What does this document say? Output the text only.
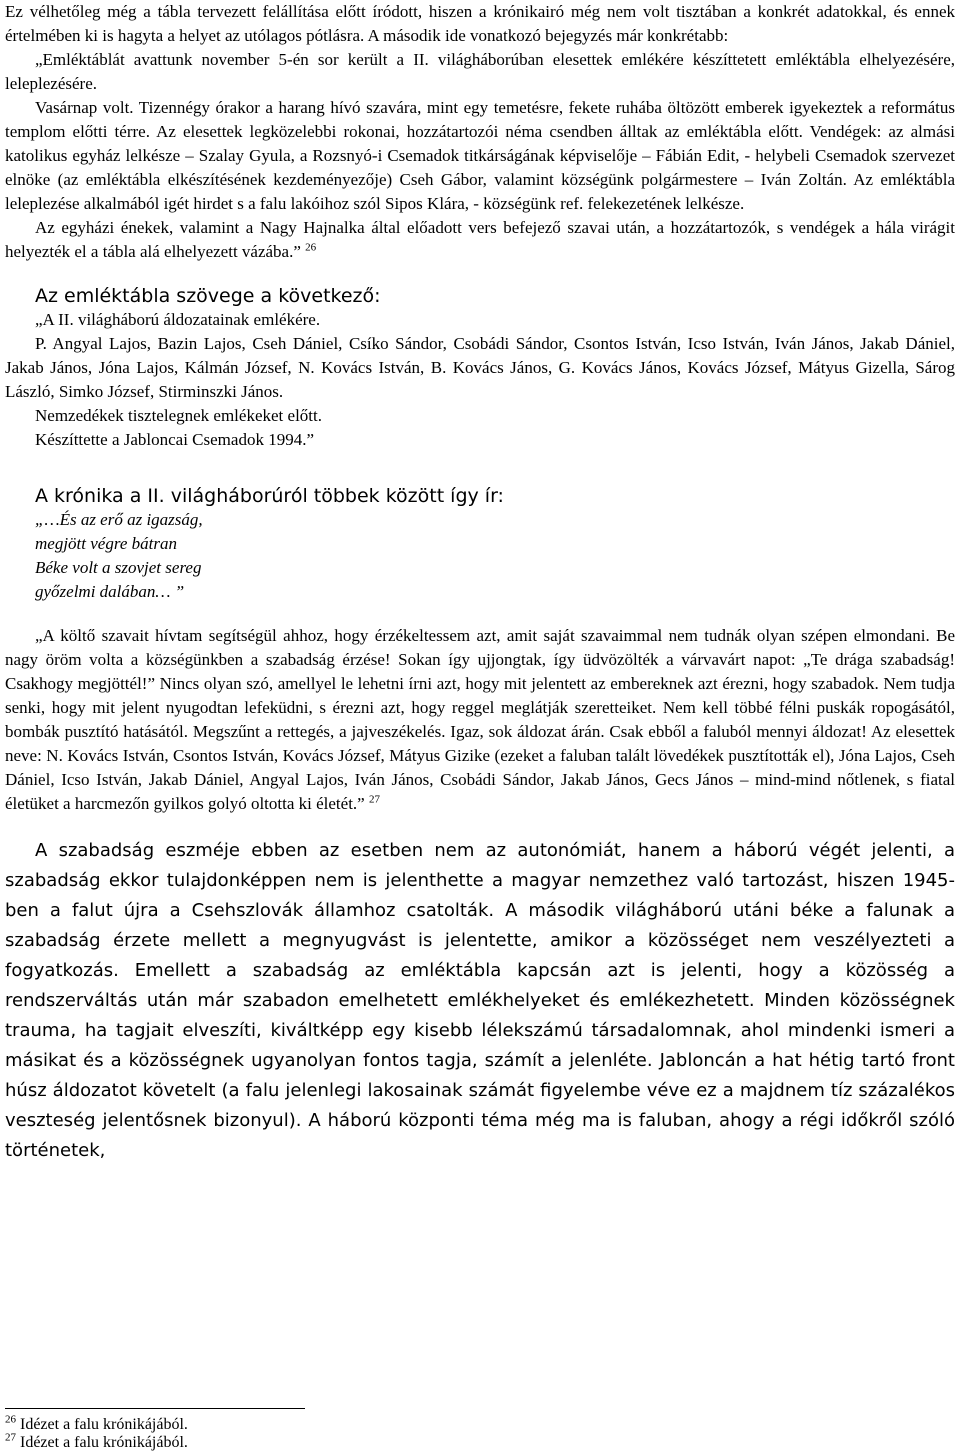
Ez vélhetőleg még a tábla tervezett felállítása előtt íródott, hiszen a krónikairó még nem volt tisztában a konkrét adatokkal, és ennek értelmében ki is hagyta a helyet az utólagos pótlásra. A második ide vonatkozó bejegyzés már konkrétabb:

„Emléktáblát avattunk november 5-én sor került a II. világháborúban elesettek emlékére készíttetett emléktábla elhelyezésére, leleplezésére.

Vasárnap volt. Tizennégy órakor a harang hívó szavára, mint egy temetésre, fekete ruhába öltözött emberek igyekeztek a református templom előtti térre. Az elesettek legközelebbi rokonai, hozzátartozói néma csendben álltak az emléktábla előtt. Vendégek: az almási katolikus egyház lelkésze – Szalay Gyula, a Rozsnyó-i Csemadok titkárságának képviselője – Fábián Edit, - helybeli Csemadok szervezet elnöke (az emléktábla elkészítésének kezdeményezője) Cseh Gábor, valamint községünk polgármestere – Iván Zoltán. Az emléktábla leleplezése alkalmából igét hirdet s a falu lakóihoz szól Sipos Klára, - községünk ref. felekezetének lelkésze.

Az egyházi énekek, valamint a Nagy Hajnalka által előadott vers befejező szavai után, a hozzátartozók, s vendégek a hála virágit helyezték el a tábla alá elhelyezett vázába.” $^{26}$

Az emléktábla szövege a következő:

„A II. világháború áldozatainak emlékére.

P. Angyal Lajos, Bazin Lajos, Cseh Dániel, Csíko Sándor, Csobádi Sándor, Csontos István, Icso István, Iván János, Jakab Dániel, Jakab János, Jóna Lajos, Kálmán József, N. Kovács István, B. Kovács János, G. Kovács János, Kovács József, Mátyus Gizella, Sárog László, Simko József, Stirminszki János.

Nemzedékek tisztelegnek emlékeket előtt.

Készíttette a Jabloncai Csemadok 1994.”

A krónika a II. világháborúról többek között így ír:

„…És az erő az igazság,

megjött végre bátran

Béke volt a szovjet sereg

győzelmi dalában… ”

„A költő szavait hívtam segítségül ahhoz, hogy érzékeltessem azt, amit saját szavaimmal nem tudnák olyan szépen elmondani. Be nagy öröm volta a községünkben a szabadság érzése! Sokan így ujjongtak, így üdvözölték a várvavárt napot: „Te drága szabadság! Csakhogy megjöttél!” Nincs olyan szó, amellyel le lehetni írni azt, hogy mit jelentett az embereknek azt érezni, hogy szabadok. Nem tudja senki, hogy mit jelent nyugodtan lefeküdni, s érezni azt, hogy reggel meglátják szeretteiket. Nem kell többé félni puskák ropogásától, bombák pusztító hatásától. Megszűnt a rettegés, a jajveszékelés. Igaz, sok áldozat árán. Csak ebből a faluból mennyi áldozat! Az elesettek neve: N. Kovács István, Csontos István, Kovács József, Mátyus Gizike (ezeket a faluban talált lövedékek pusztították el), Jóna Lajos, Cseh Dániel, Icso István, Jakab Dániel, Angyal Lajos, Iván János, Csobádi Sándor, Jakab János, Gecs János – mind-mind nőtlenek, s fiatal életüket a harcmezőn gyilkos golyó oltotta ki életét.” $^{27}$

A szabadság eszméje ebben az esetben nem az autonómiát, hanem a háború végét jelenti, a szabadság ekkor tulajdonképpen nem is jelenthette a magyar nemzethez való tartozást, hiszen 1945-ben a falut újra a Csehszlovák államhoz csatolták. A második világháború utáni béke a falunak a szabadság érzete mellett a megnyugvást is jelentette, amikor a közösséget nem veszélyezteti a fogyatkozás. Emellett a szabadság az emléktábla kapcsán azt is jelenti, hogy a közösség a rendszerváltás után már szabadon emelhetett emlékhelyeket és emlékezhetett. Minden közösségnek trauma, ha tagjait elveszíti, kiváltképp egy kisebb lélekszámú társadalomnak, ahol mindenki ismeri a másikat és a közösségnek ugyanolyan fontos tagja, számít a jelenléte. Jabloncán a hat hétig tartó front húsz áldozatot követelt (a falu jelenlegi lakosainak számát figyelembe véve ez a majdnem tíz százalékos veszteség jelentősnek bizonyul). A háború központi téma még ma is faluban, ahogy a régi időkről szóló történetek,

$^{26}$ Idézet a falu krónikájából.
$^{27}$ Idézet a falu krónikájából.
